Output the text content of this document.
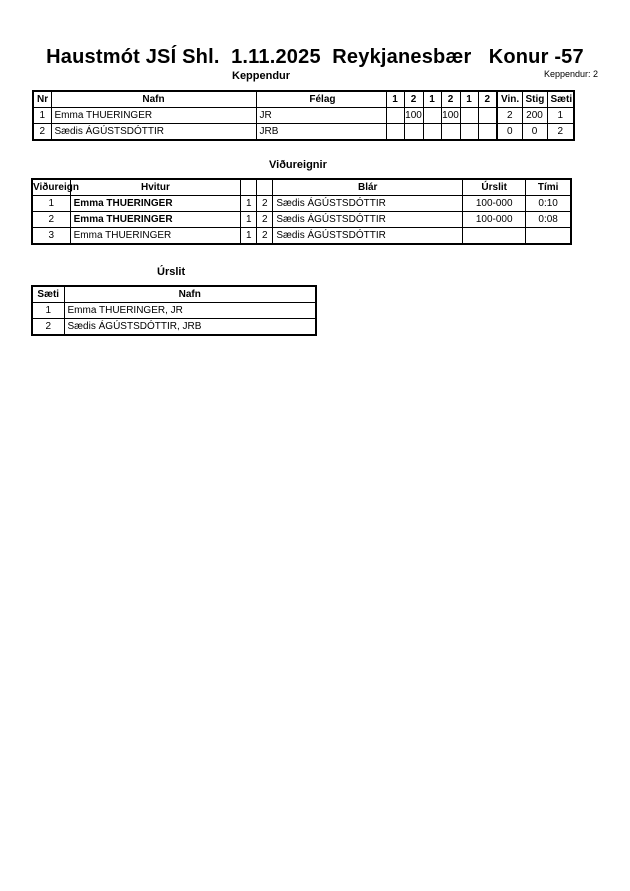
Haustmót JSÍ Shl.  1.11.2025  Reykjanesbær   Konur -57
Keppendur: 2
Keppendur
Nr	Nafn	Félag	1	2	1	2	1	2	Vin.	Stig	Sæti
1	Emma THUERINGER	JR		100		100			2	200	1
2	Sædis ÁGÚSTSDÓTTIR	JRB							0	0	2
Viðureignir
Viðureign	Hvitur			Blár	Úrslit	Tími
1	Emma THUERINGER	1	2	Sædis ÁGÚSTSDÓTTIR	100-000	0:10
2	Emma THUERINGER	1	2	Sædis ÁGÚSTSDÓTTIR	100-000	0:08
3	Emma THUERINGER	1	2	Sædis ÁGÚSTSDÓTTIR		
Úrslit
Sæti	Nafn
1	Emma THUERINGER, JR
2	Sædis ÁGÚSTSDÓTTIR, JRB
